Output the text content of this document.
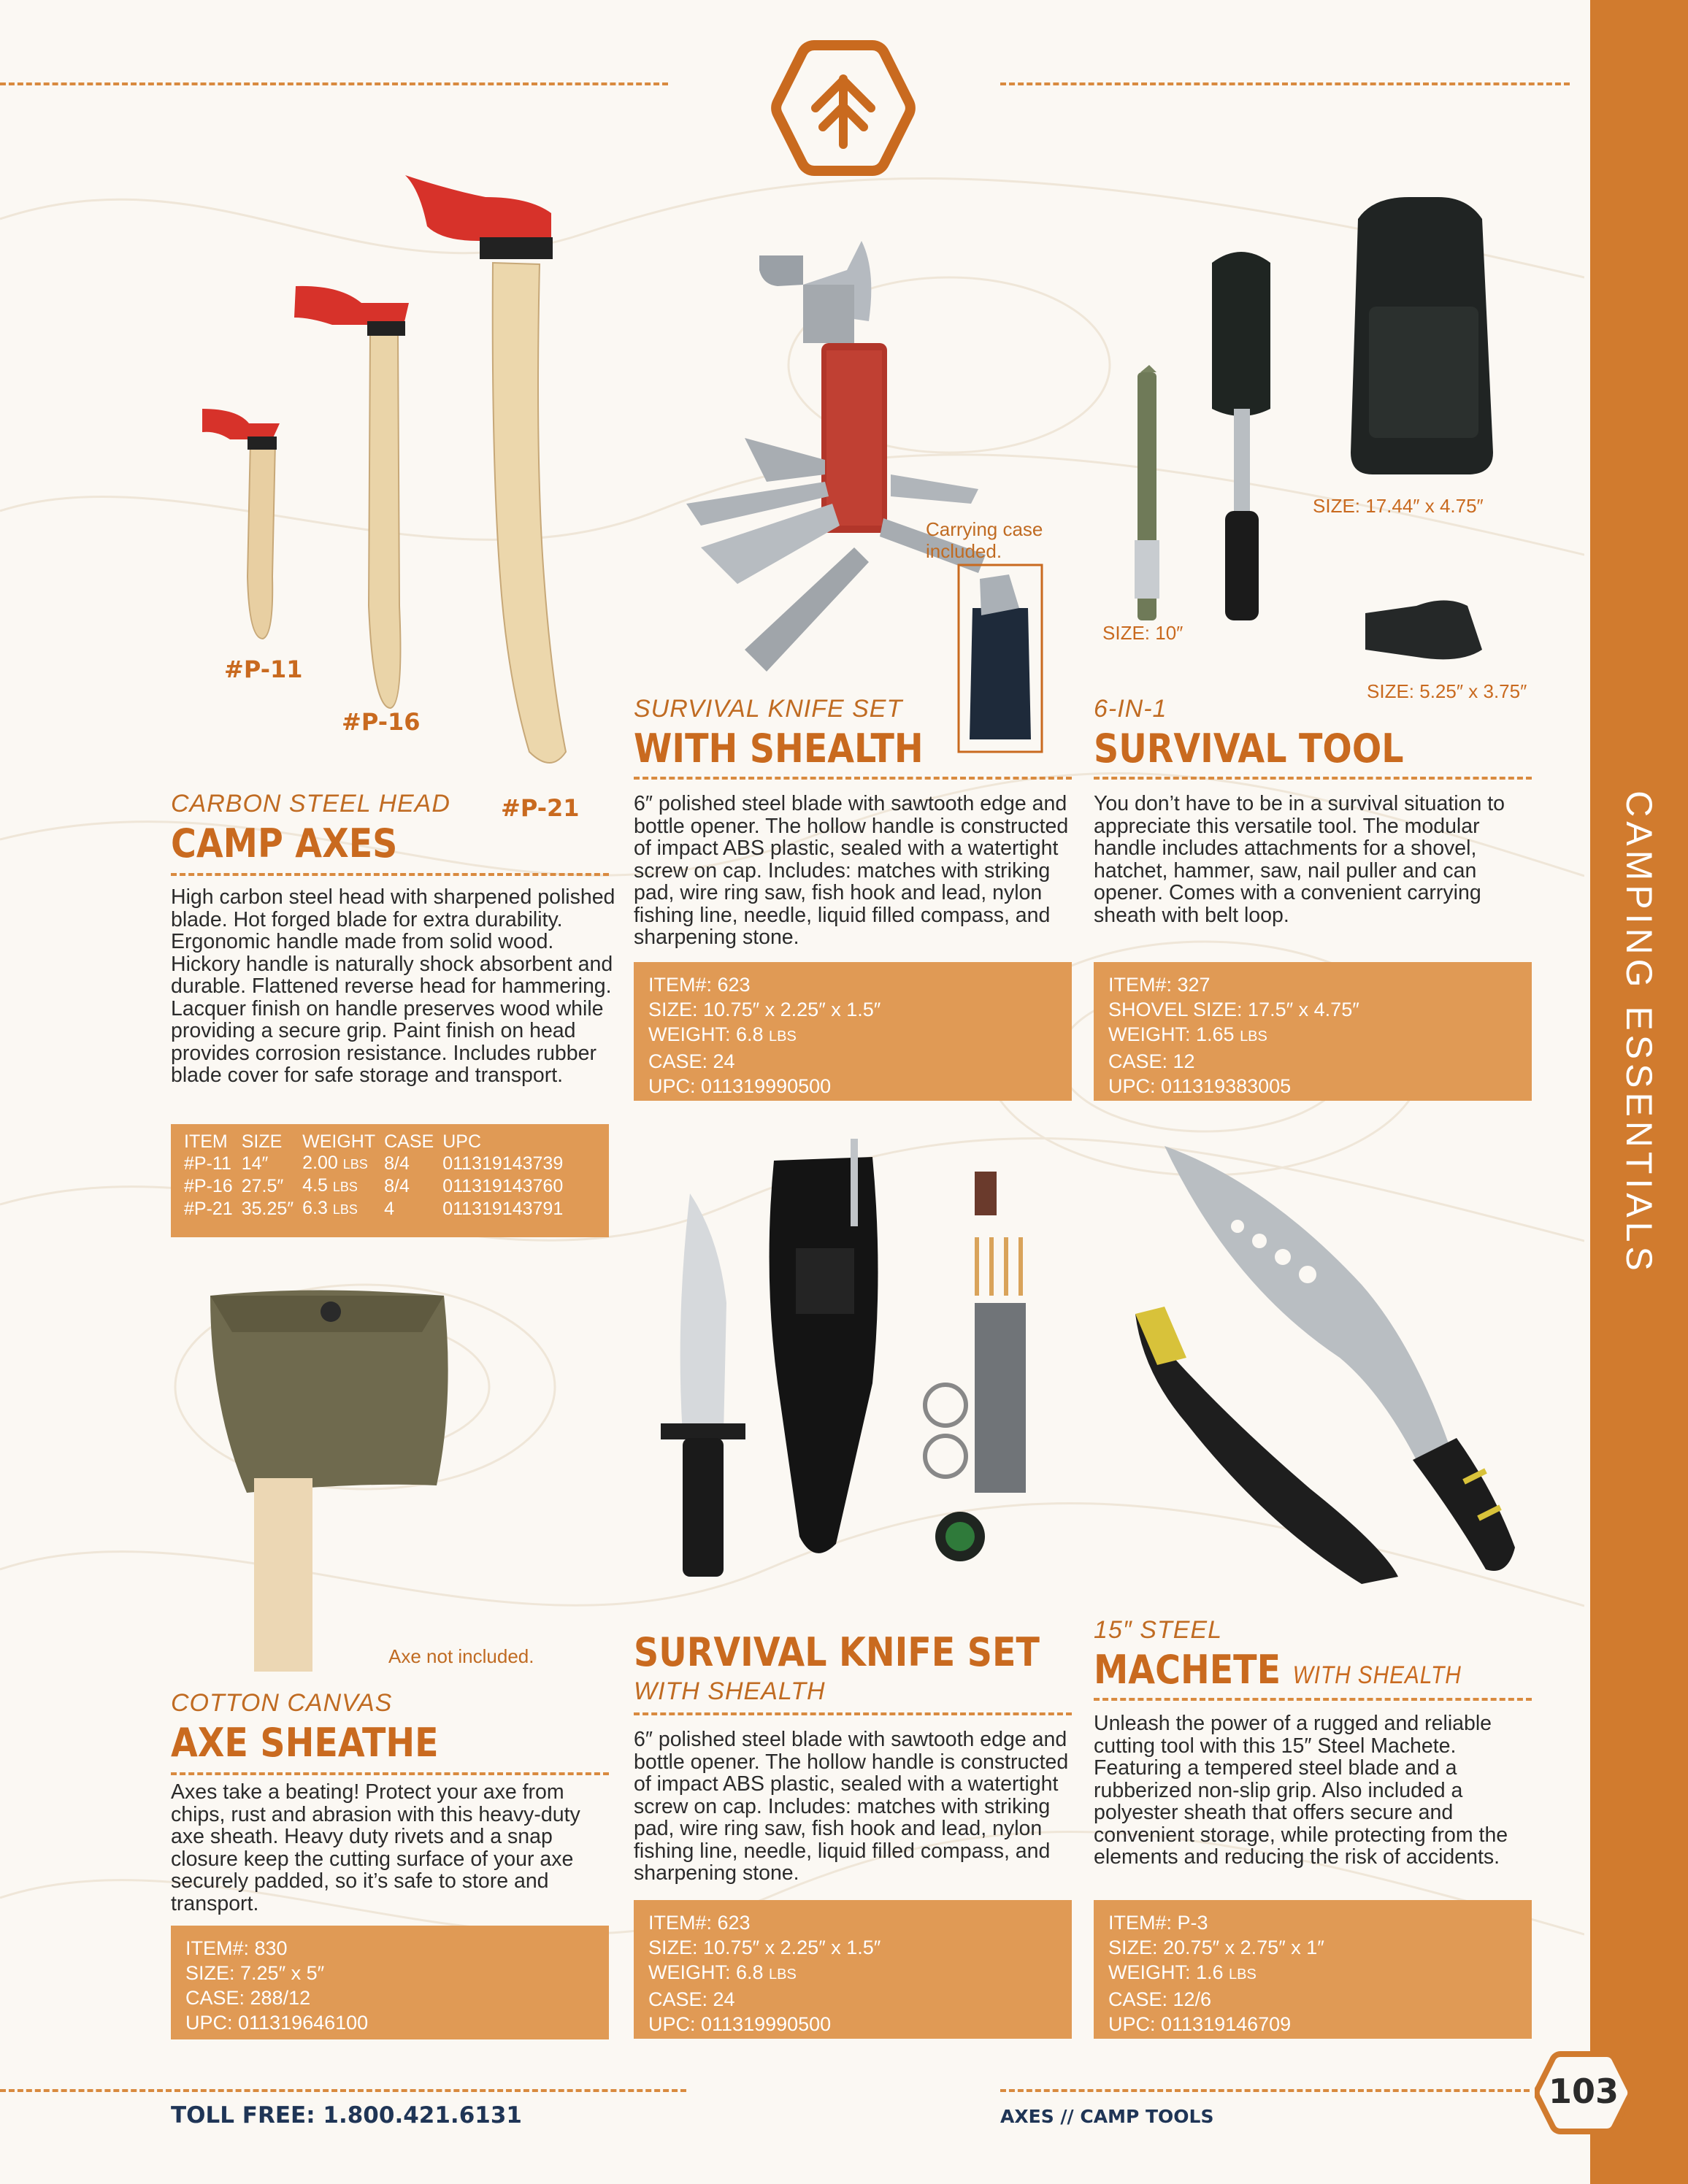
CAMPING ESSENTIALS
#P-11
#P-16
#P-21
CARBON STEEL HEAD
CAMP AXES
High carbon steel head with sharpened polished blade. Hot forged blade for extra durability. Ergonomic handle made from solid wood. Hickory handle is naturally shock absorbent and durable. Flattened reverse head for hammering. Lacquer finish on handle preserves wood while providing a secure grip. Paint finish on head provides corrosion resistance. Includes rubber blade cover for safe storage and transport.
ITEM	SIZE	WEIGHT	CASE	UPC
#P-11	14″	2.00 LBS	8/4	011319143739
#P-16	27.5″	4.5 LBS	8/4	011319143760
#P-21	35.25″	6.3 LBS	4	011319143791
Carrying case
included.
SURVIVAL KNIFE SET
WITH SHEALTH
6″ polished steel blade with sawtooth edge and bottle opener. The hollow handle is constructed of impact ABS plastic, sealed with a watertight screw on cap. Includes: matches with striking pad, wire ring saw, fish hook and lead, nylon fishing line, needle, liquid filled compass, and sharpening stone.
ITEM#: 623
SIZE: 10.75″ x 2.25″ x 1.5″
WEIGHT: 6.8 LBS
CASE: 24
UPC: 011319990500
SIZE: 17.44″ x 4.75″
SIZE: 10″
SIZE: 5.25″ x 3.75″
6-IN-1
SURVIVAL TOOL
You don’t have to be in a survival situation to appreciate this versatile tool. The modular handle includes attachments for a shovel, hatchet, hammer, saw, nail puller and can opener. Comes with a convenient carrying sheath with belt loop.
ITEM#: 327
SHOVEL SIZE: 17.5″ x 4.75″
WEIGHT: 1.65 LBS
CASE: 12
UPC: 011319383005
Axe not included.
COTTON CANVAS
AXE SHEATHE
Axes take a beating! Protect your axe from chips, rust and abrasion with this heavy-duty axe sheath. Heavy duty rivets and a snap closure keep the cutting surface of your axe securely padded, so it’s safe to store and transport.
ITEM#: 830
SIZE: 7.25″ x 5″
CASE: 288/12
UPC: 011319646100
SURVIVAL KNIFE SET
WITH SHEALTH
6″ polished steel blade with sawtooth edge and bottle opener. The hollow handle is constructed of impact ABS plastic, sealed with a watertight screw on cap. Includes: matches with striking pad, wire ring saw, fish hook and lead, nylon fishing line, needle, liquid filled compass, and sharpening stone.
ITEM#: 623
SIZE: 10.75″ x 2.25″ x 1.5″
WEIGHT: 6.8 LBS
CASE: 24
UPC: 011319990500
15″ STEEL
MACHETE WITH SHEALTH
Unleash the power of a rugged and reliable cutting tool with this 15″ Steel Machete. Featuring a tempered steel blade and a rubberized non-slip grip. Also included a polyester sheath that offers secure and convenient storage, while protecting from the elements and reducing the risk of accidents.
ITEM#: P-3
SIZE: 20.75″ x 2.75″ x 1″
WEIGHT: 1.6 LBS
CASE: 12/6
UPC: 011319146709
TOLL FREE: 1.800.421.6131	AXES // CAMP TOOLS
103
